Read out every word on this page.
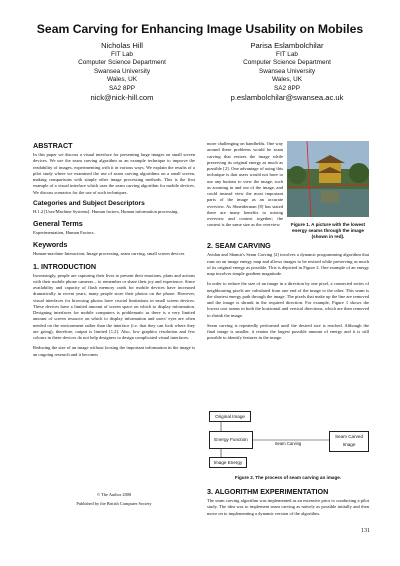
Seam Carving for Enhancing Image Usability on Mobiles
Nicholas Hill
FIT Lab
Computer Science Department
Swansea University
Wales, UK
SA2 8PP
nick@nick-hill.com
Parisa Eslambolchilar
FIT Lab
Computer Science Department
Swansea University
Wales, UK
SA2 8PP
p.eslambolchilar@swansea.ac.uk
ABSTRACT
In this paper we discuss a visual interface for presenting large images on small screen devices. We use the seam carving algorithm as an example technique to improve the readability of images, experimenting with it in various ways. We explain the results of a pilot study where we examined the use of seam carving algorithms on a small screen, making comparisons with simple other image processing methods. This is the first example of a visual interface which uses the seam carving algorithm for mobile devices. We discuss scenarios for the use of such techniques.
Categories and Subject Descriptors
H.1.2 [User/Machine Systems]: Human factors, Human information processing.
General Terms
Experimentation, Human Factors.
Keywords
Human-machine Interaction, Image processing, seam carving, small screen devices
1. INTRODUCTION
Increasingly, people are capturing their lives to present their emotions, plans and actions with their mobile phone cameras – to remember or share their joy and experience. Since availability and capacity of flash memory cards for mobile devices have increased dramatically in recent years, many people store their photos on the phone. However, visual interfaces for browsing photos have crucial limitations in small screen devices. These devices have a limited amount of screen space on which to display information. Designing interfaces for mobile computers is problematic as there is a very limited amount of screen resource on which to display information and users' eyes are often needed on the environment rather than the interface (i.e. that they can look where they are going), therefore, output is limited [1,2]. Also, low graphics resolution and few colours in these devices do not help designers to design complicated visual interfaces.
Reducing the size of an image without loosing the important information in the image is an ongoing research and it becomes
© The Author 2008
Published by the British Computer Society
Figure 1. A picture with the lowest energy seams through the image (shown in red).
more challenging on handhelds. One way around these problems would be seam carving that resizes the image while preserving its original energy as much as possible [2]. One advantage of using this technique is that users would not have to use any buttons to view the image, such as zooming in and out of the image, and could instead view the most important parts of the image as an accurate overview. As Shneiderman [8] has stated there are many benefits to mixing overview and context together; the context is the same size as the overview.
2. SEAM CARVING
Avidan and Shamir's Seam Carving [2] involves a dynamic programming algorithm that runs on an image energy map and allows images to be resized while preserving as much of its original energy as possible. This is depicted in Figure 2. One example of an energy map involves simple gradient magnitude.
In order to reduce the size of an image in a direction by one pixel, a connected series of neighbouring pixels are calculated from one end of the image to the other. This seam is the shortest energy path through the image. The pixels that make up the line are removed and the image is shrunk in the required direction. For example, Figure 1 shows the lowest cost seams in both the horizontal and vertical directions, which are then removed to shrink the image.
Seam carving is repeatedly performed until the desired size is reached. Although the final image is smaller, it retains the largest possible amount of energy and it is still possible to identify features in the image.
Original Image
Energy Function
Seam Carving
Seam Carved Image
Image Energy
Figure 2. The process of seam carving an image.
3. ALGORITHM EXPERIMENTATION
The seam carving algorithm was implemented as an extensive prior to conducting a pilot study. The idea was to implement seam carving as naively as possible initially and then move on to implementing a dynamic version of the algorithm.
131
